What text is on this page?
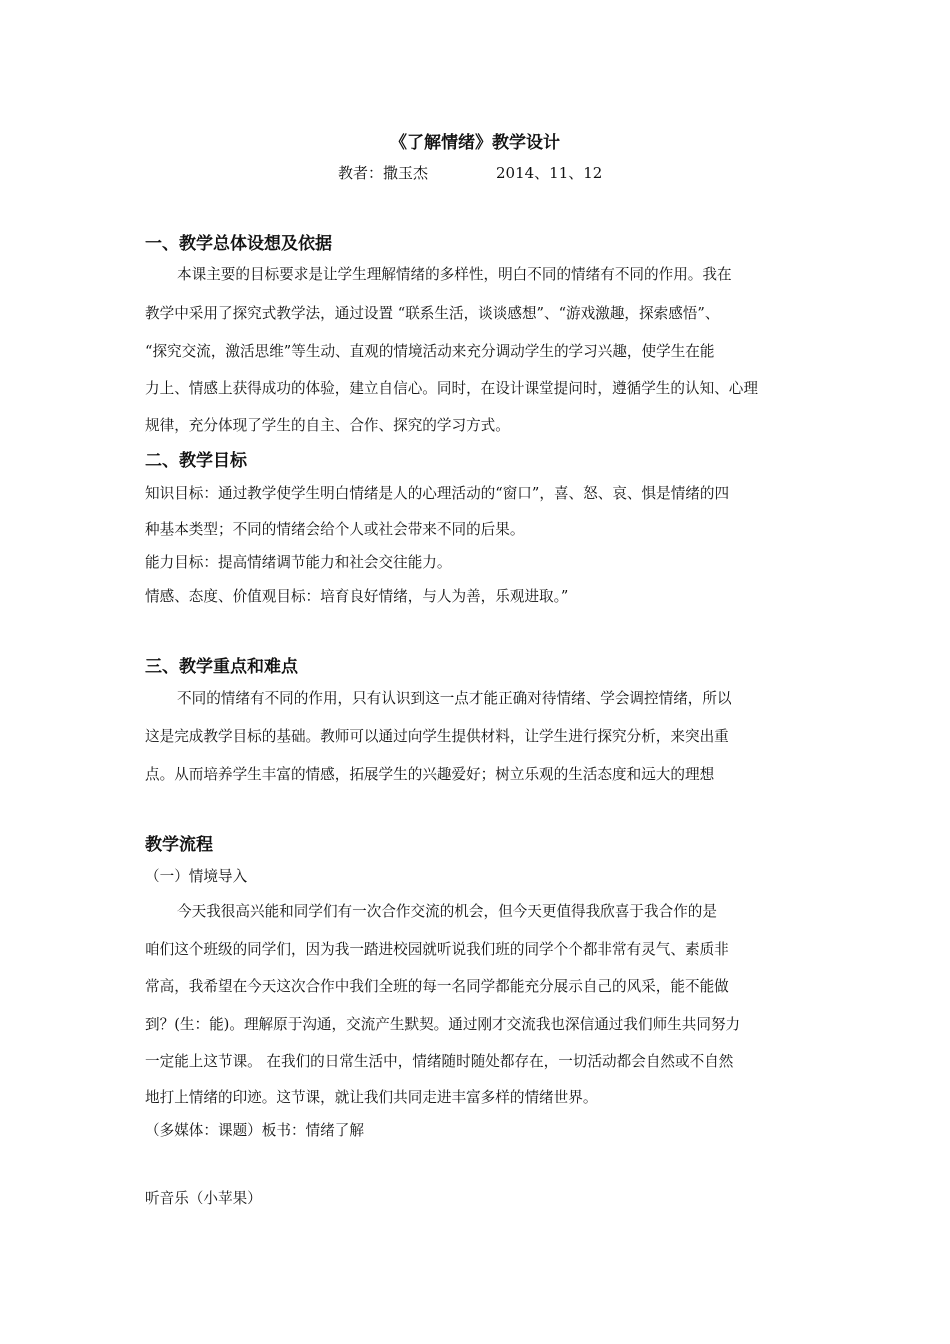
《了解情绪》教学设计
教者：撒玉杰	2014、11、12
一、教学总体设想及依据
本课主要的目标要求是让学生理解情绪的多样性，明白不同的情绪有不同的作用。我在
教学中采用了探究式教学法，通过设置 “联系生活，谈谈感想”、“游戏激趣，探索感悟”、
“探究交流，激活思维”等生动、直观的情境活动来充分调动学生的学习兴趣，使学生在能
力上、情感上获得成功的体验，建立自信心。同时，在设计课堂提问时，遵循学生的认知、心理
规律，充分体现了学生的自主、合作、探究的学习方式。
二、教学目标
知识目标：通过教学使学生明白情绪是人的心理活动的“窗口”，喜、怒、哀、惧是情绪的四
种基本类型；不同的情绪会给个人或社会带来不同的后果。
能力目标：提高情绪调节能力和社会交往能力。
情感、态度、价值观目标：培育良好情绪，与人为善，乐观进取。”
三、教学重点和难点
不同的情绪有不同的作用，只有认识到这一点才能正确对待情绪、学会调控情绪，所以
这是完成教学目标的基础。教师可以通过向学生提供材料，让学生进行探究分析，来突出重
点。从而培养学生丰富的情感，拓展学生的兴趣爱好；树立乐观的生活态度和远大的理想
教学流程
（一）情境导入
今天我很高兴能和同学们有一次合作交流的机会，但今天更值得我欣喜于我合作的是
咱们这个班级的同学们，因为我一踏进校园就听说我们班的同学个个都非常有灵气、素质非
常高，我希望在今天这次合作中我们全班的每一名同学都能充分展示自己的风采，能不能做
到？(生：能)。理解原于沟通，交流产生默契。通过刚才交流我也深信通过我们师生共同努力
一定能上这节课。 在我们的日常生活中，情绪随时随处都存在，一切活动都会自然或不自然
地打上情绪的印迹。这节课，就让我们共同走进丰富多样的情绪世界。
（多媒体：课题）板书：情绪了解
听音乐（小苹果）
